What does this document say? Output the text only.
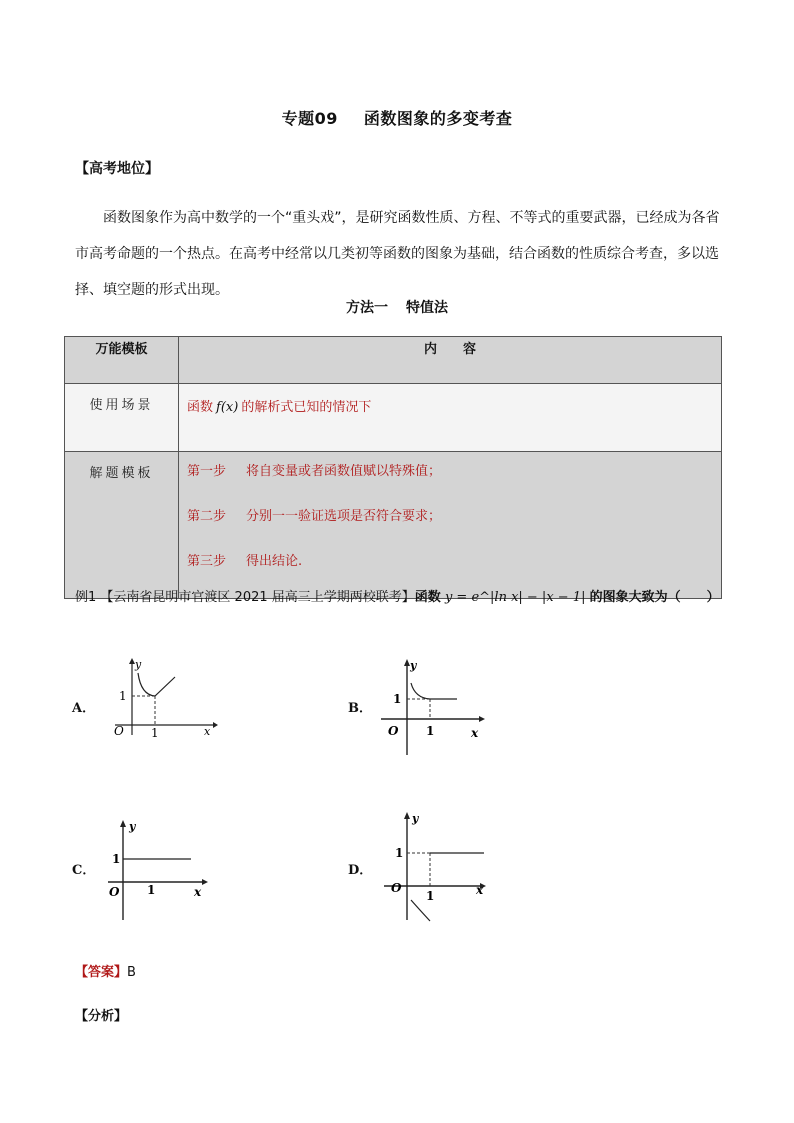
专题09 函数图象的多变考查
【高考地位】
函数图象作为高中数学的一个“重头戏”，是研究函数性质、方程、不等式的重要武器，已经成为各省市高考命题的一个热点。在高考中经常以几类初等函数的图象为基础，结合函数的性质综合考查，多以选择、填空题的形式出现。
方法一 特值法
万能模板	内　　容
使用场景	函数 f(x) 的解析式已知的情况下
解题模板	第一步 将自变量或者函数值赋以特殊值；
第二步 分别一一验证选项是否符合要求；
第三步 得出结论.
例1 【云南省昆明市官渡区 2021 届高三上学期两校联考】函数 y = e^|ln x| − |x − 1| 的图象大致为（　　）
A．
y
x
O
1
1
B．
y
x
O
1
1
C．
y
x
O
1
1
D．
y
x
O
1
1
【答案】B
【分析】
